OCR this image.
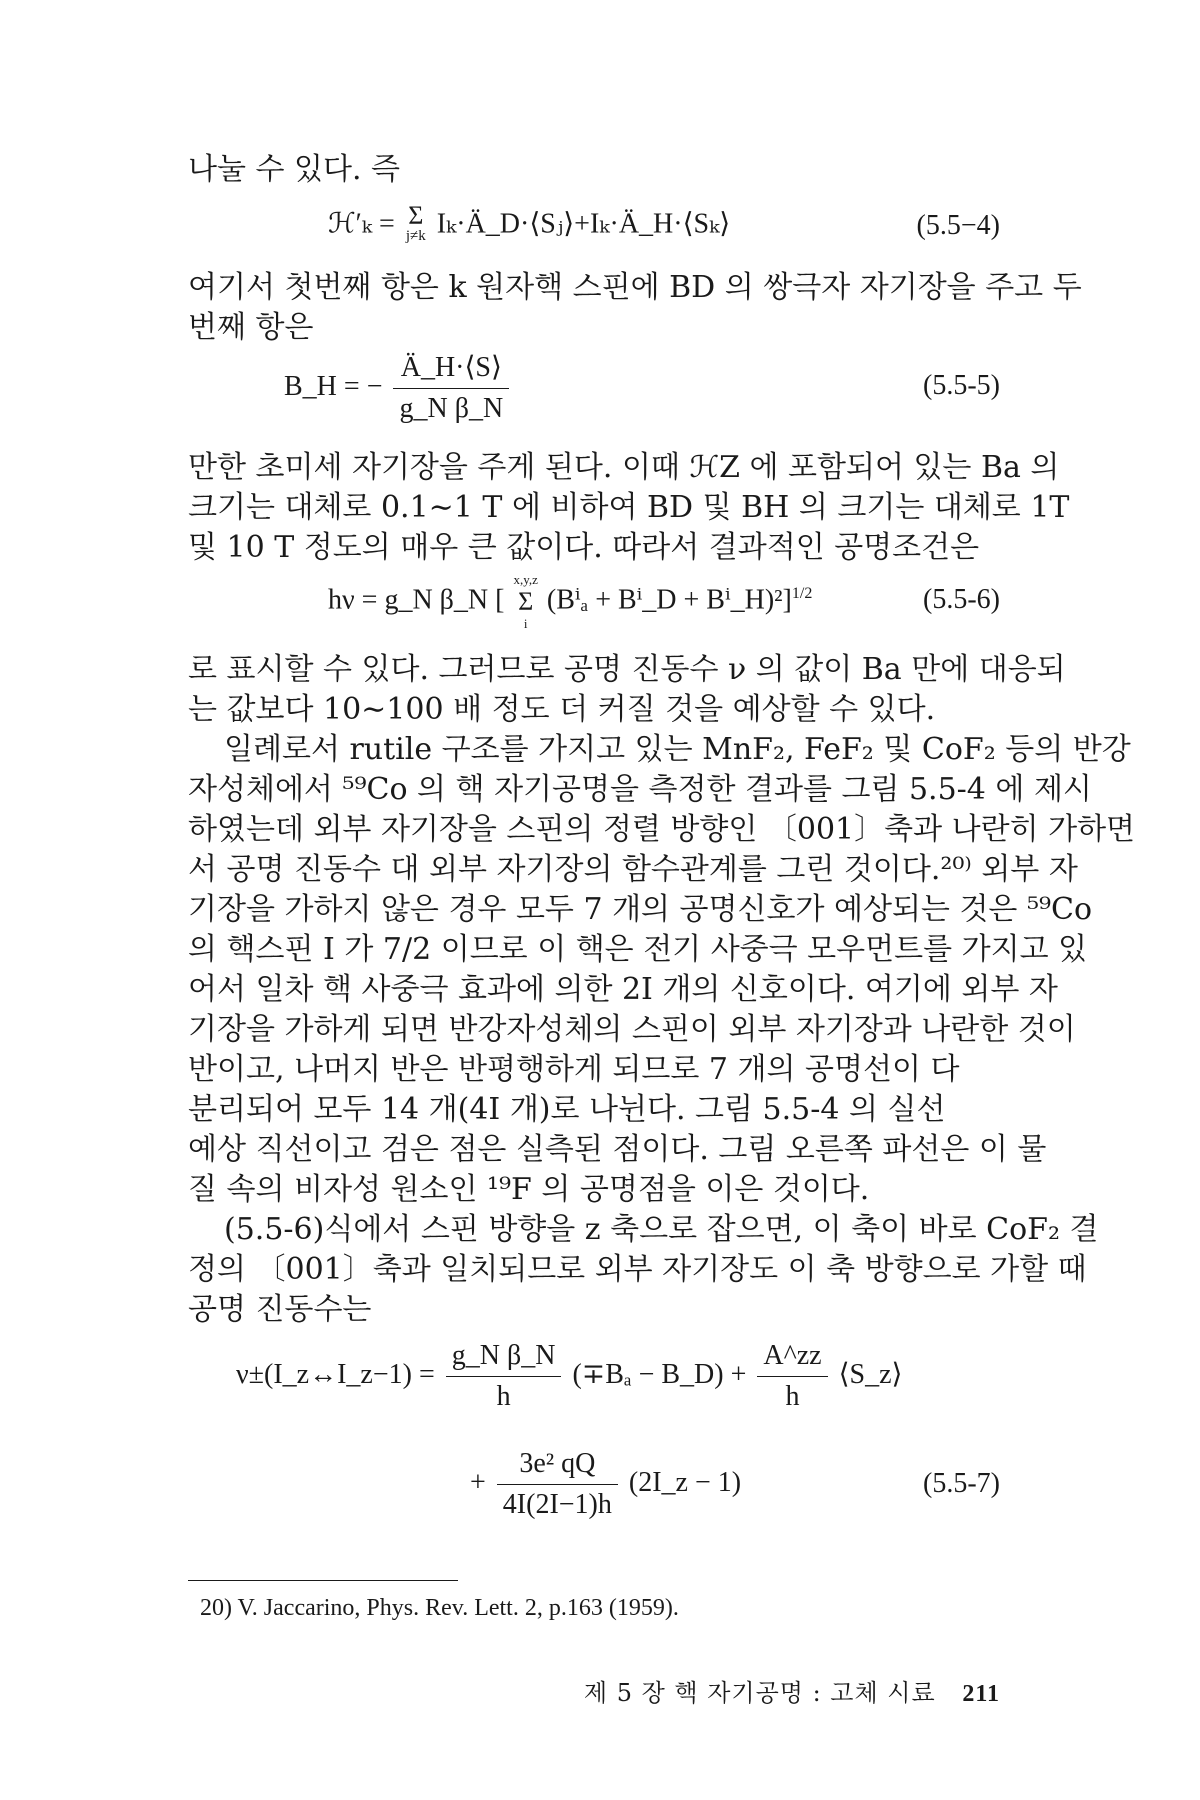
나눌 수 있다. 즉
ℋ′ₖ = Σ
j≠k Iₖ·Ä_D·⟨Sⱼ⟩+Iₖ·Ä_H·⟨Sₖ⟩	(5.5−4)
여기서 첫번째 항은 k 원자핵 스핀에 BD 의 쌍극자 자기장을 주고 두
번째 항은
B_H = − $\frac{Ä\_H\cdot⟨S⟩}{\text{g\_N β\_N}}$	(5.5-5)
만한 초미세 자기장을 주게 된다. 이때 ℋZ 에 포함되어 있는 Ba 의
크기는 대체로 0.1∼1 T 에 비하여 BD 및 BH 의 크기는 대체로 1T
및 10 T 정도의 매우 큰 값이다. 따라서 결과적인 공명조건은
hν = g_N β_N [
x,y,z
Σ
i
(Bⁱₐ + Bⁱ_D + Bⁱ_H)²]$^{1/2}$	(5.5-6)
로 표시할 수 있다. 그러므로 공명 진동수 ν 의 값이 Ba 만에 대응되
는 값보다 10∼100 배 정도 더 커질 것을 예상할 수 있다.
일례로서 rutile 구조를 가지고 있는 MnF₂, FeF₂ 및 CoF₂ 등의 반강
자성체에서 ⁵⁹Co 의 핵 자기공명을 측정한 결과를 그림 5.5-4 에 제시
하였는데 외부 자기장을 스핀의 정렬 방향인 〔001〕축과 나란히 가하면
서 공명 진동수 대 외부 자기장의 함수관계를 그린 것이다.²⁰⁾ 외부 자
기장을 가하지 않은 경우 모두 7 개의 공명신호가 예상되는 것은 ⁵⁹Co
의 핵스핀 I 가 7/2 이므로 이 핵은 전기 사중극 모우먼트를 가지고 있
어서 일차 핵 사중극 효과에 의한 2I 개의 신호이다. 여기에 외부 자
기장을 가하게 되면 반강자성체의 스핀이 외부 자기장과 나란한 것이
반이고, 나머지 반은 반평행하게 되므로 7 개의 공명선이 다
분리되어 모두 14 개(4I 개)로 나뉜다. 그림 5.5-4 의 실선
예상 직선이고 검은 점은 실측된 점이다. 그림 오른쪽 파선은 이 물
질 속의 비자성 원소인 ¹⁹F 의 공명점을 이은 것이다.
(5.5-6)식에서 스핀 방향을 z 축으로 잡으면, 이 축이 바로 CoF₂ 결
정의 〔001〕축과 일치되므로 외부 자기장도 이 축 방향으로 가할 때
공명 진동수는
20) V. Jaccarino, Phys. Rev. Lett. 2, p.163 (1959).
제 5 장 핵 자기공명 : 고체 시료 211
ν±(I_z↔I_z−1) = $\frac{\text{g\_N β\_N}}{h} (\mp B_a$ − B_D) + $\frac{A\^{}zz}{h}$ ⟨S_z⟩
+ $\frac{\text{3e² qQ}}{4I(2I-1)h}$ (2I_z − 1)	(5.5-7)
